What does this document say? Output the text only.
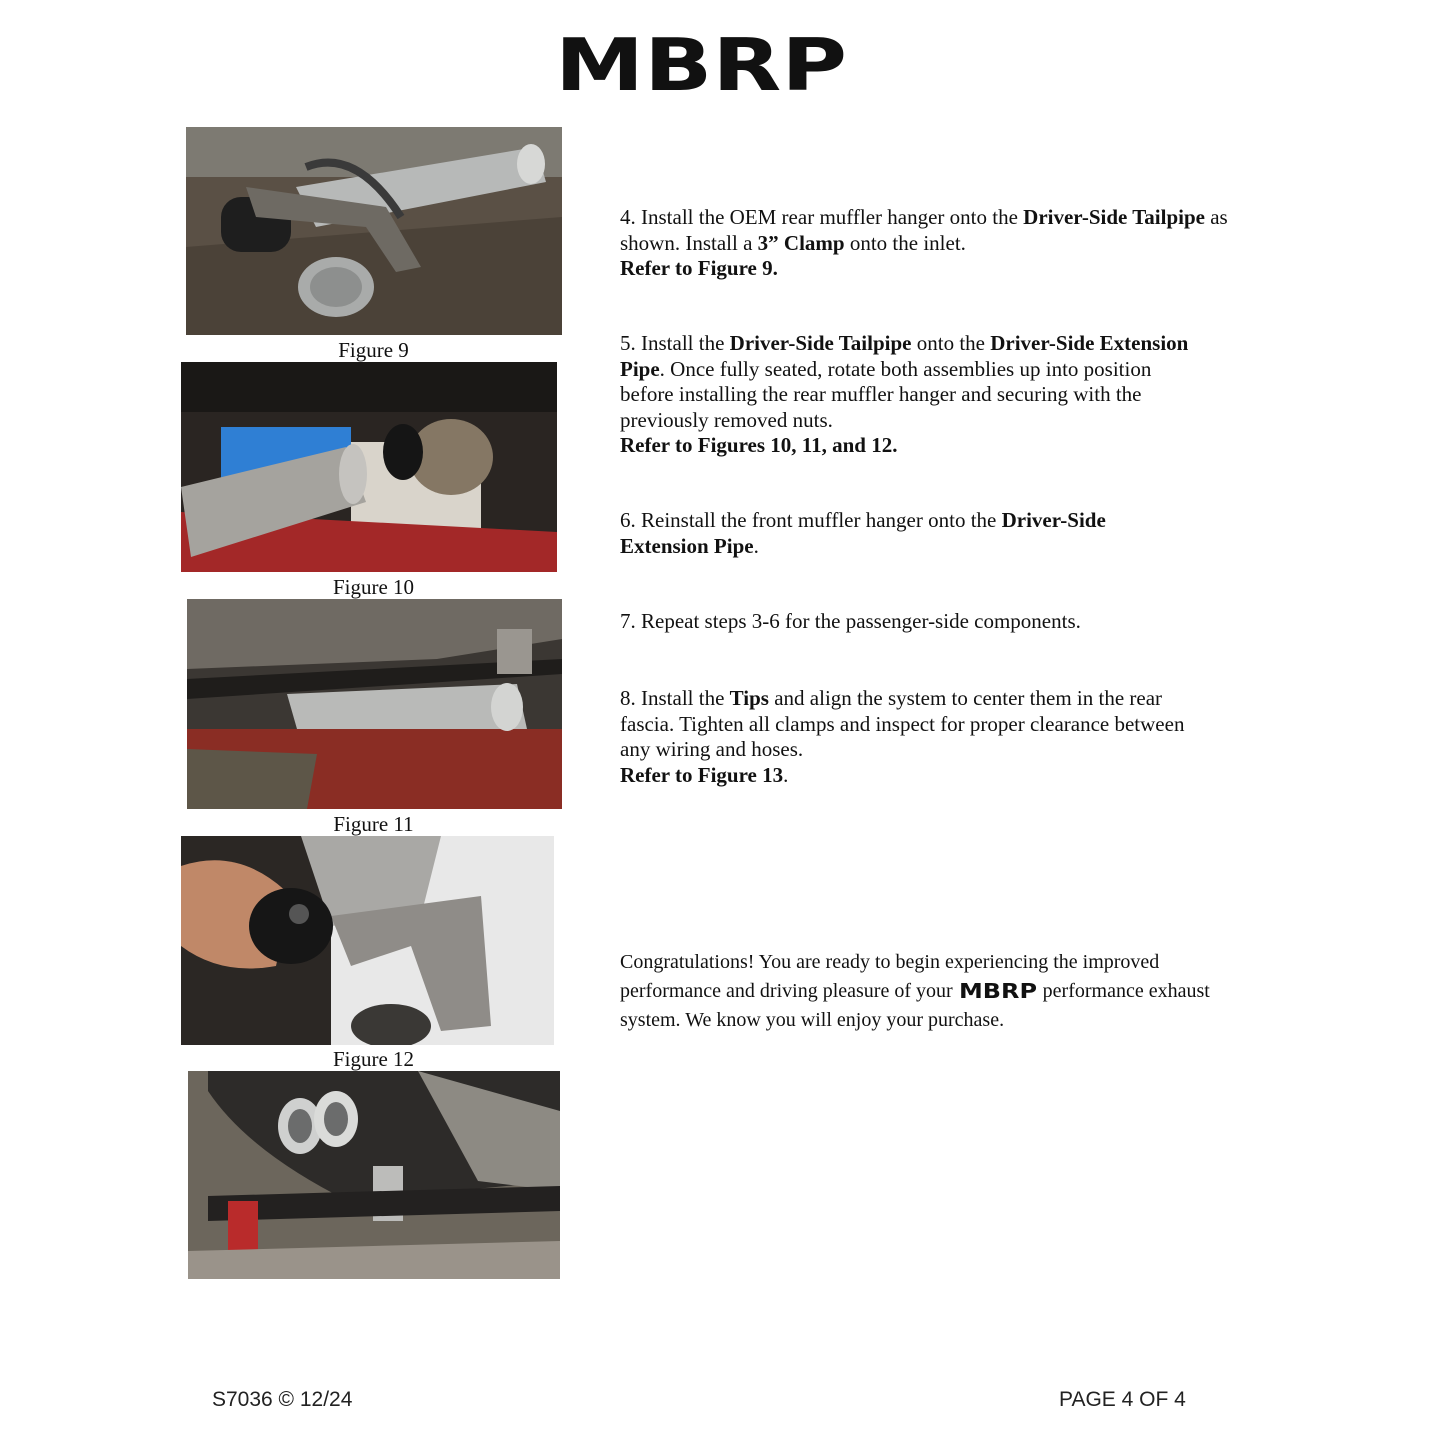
MBRP
Figure 9
Figure 10
Figure 11
Figure 12
4. Install the OEM rear muffler hanger onto the Driver-Side Tailpipe as shown. Install a 3” Clamp onto the inlet.
Refer to Figure 9.
5. Install the Driver-Side Tailpipe onto the Driver-Side Extension Pipe. Once fully seated, rotate both assemblies up into position before installing the rear muffler hanger and securing with the previously removed nuts.
Refer to Figures 10, 11, and 12.
6. Reinstall the front muffler hanger onto the Driver-Side Extension Pipe.
7. Repeat steps 3-6 for the passenger-side components.
8. Install the Tips and align the system to center them in the rear fascia. Tighten all clamps and inspect for proper clearance between any wiring and hoses.
Refer to Figure 13.
Congratulations! You are ready to begin experiencing the improved
performance and driving pleasure of your MBRP performance exhaust
system. We know you will enjoy your purchase.
S7036 © 12/24	PAGE 4 OF 4
